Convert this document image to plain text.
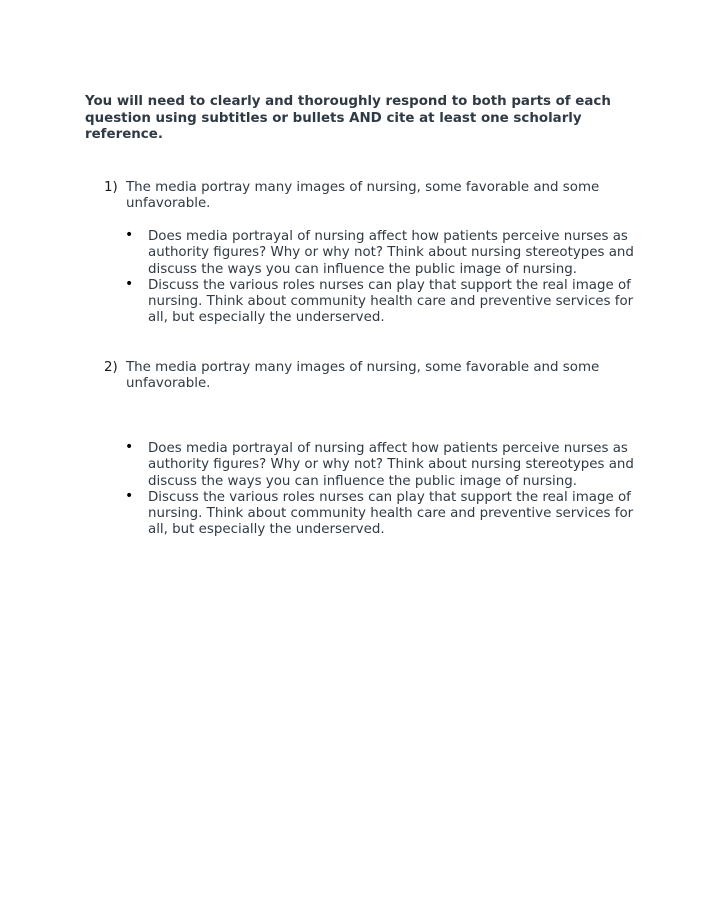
You will need to clearly and thoroughly respond to both parts of each question using subtitles or bullets AND cite at least one scholarly reference.

1) The media portray many images of nursing, some favorable and some unfavorable.
• Does media portrayal of nursing affect how patients perceive nurses as authority figures? Why or why not? Think about nursing stereotypes and discuss the ways you can influence the public image of nursing.
• Discuss the various roles nurses can play that support the real image of nursing. Think about community health care and preventive services for all, but especially the underserved.
2) The media portray many images of nursing, some favorable and some unfavorable.
• Does media portrayal of nursing affect how patients perceive nurses as authority figures? Why or why not? Think about nursing stereotypes and discuss the ways you can influence the public image of nursing.
• Discuss the various roles nurses can play that support the real image of nursing. Think about community health care and preventive services for all, but especially the underserved.
